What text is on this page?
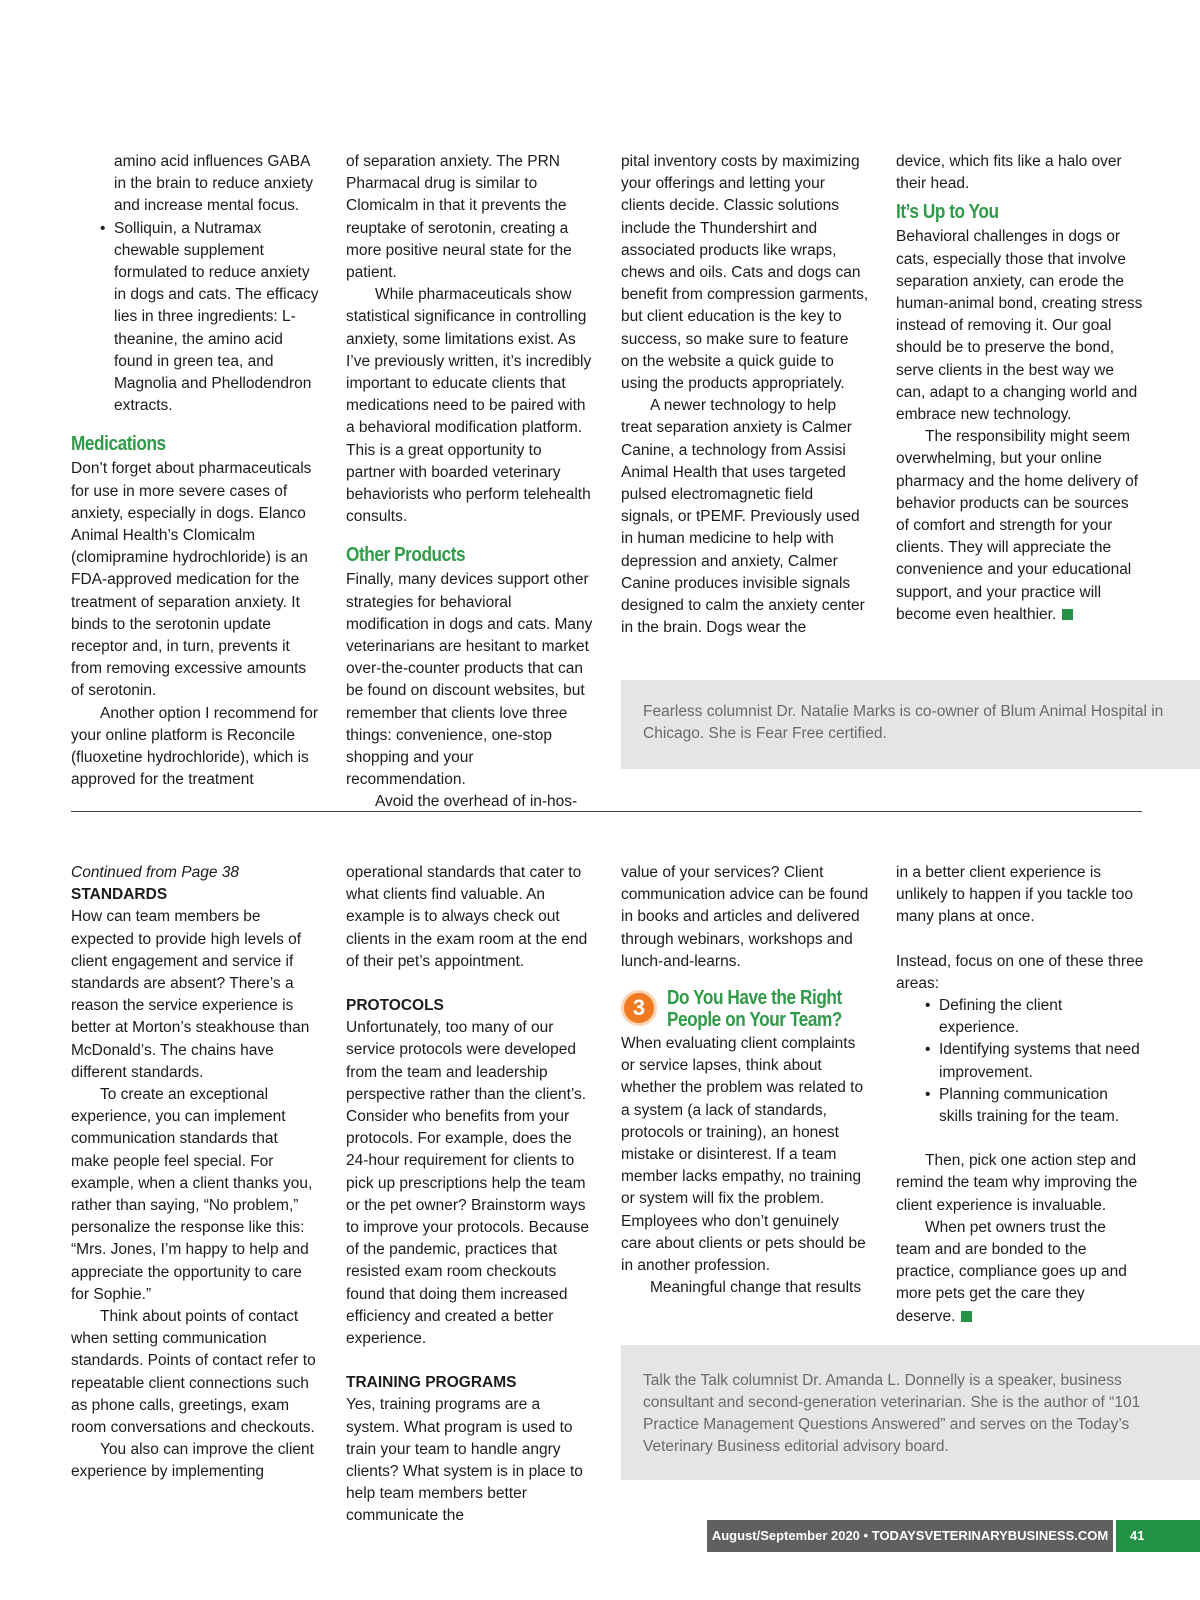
amino acid influences GABA in the brain to reduce anxiety and increase mental focus.
• Solliquin, a Nutramax chewable supplement formulated to reduce anxiety in dogs and cats. The efficacy lies in three ingredients: L-theanine, the amino acid found in green tea, and Magnolia and Phellodendron extracts.
Medications

Don’t forget about pharmaceuticals for use in more severe cases of anxiety, especially in dogs. Elanco Animal Health’s Clomicalm (clomipramine hydrochloride) is an FDA-approved medication for the treatment of separation anxiety. It binds to the serotonin update receptor and, in turn, prevents it from removing excessive amounts of serotonin.

Another option I recommend for your online platform is Reconcile (fluoxetine hydrochloride), which is approved for the treatment

of separation anxiety. The PRN Pharmacal drug is similar to Clomicalm in that it prevents the reuptake of serotonin, creating a more positive neural state for the patient.

While pharmaceuticals show statistical significance in controlling anxiety, some limitations exist. As I’ve previously written, it’s incredibly important to educate clients that medications need to be paired with a behavioral modification platform. This is a great opportunity to partner with boarded veterinary behaviorists who perform telehealth consults.

Other Products

Finally, many devices support other strategies for behavioral modification in dogs and cats. Many veterinarians are hesitant to market over-the-counter products that can be found on discount websites, but remember that clients love three things: convenience, one-stop shopping and your recommendation.

Avoid the overhead of in-hos-

pital inventory costs by maximizing your offerings and letting your clients decide. Classic solutions include the Thundershirt and associated products like wraps, chews and oils. Cats and dogs can benefit from compression garments, but client education is the key to success, so make sure to feature on the website a quick guide to using the products appropriately.

A newer technology to help treat separation anxiety is Calmer Canine, a technology from Assisi Animal Health that uses targeted pulsed electromagnetic field signals, or tPEMF. Previously used in human medicine to help with depression and anxiety, Calmer Canine produces invisible signals designed to calm the anxiety center in the brain. Dogs wear the

device, which fits like a halo over their head.

It’s Up to You

Behavioral challenges in dogs or cats, especially those that involve separation anxiety, can erode the human-animal bond, creating stress instead of removing it. Our goal should be to preserve the bond, serve clients in the best way we can, adapt to a changing world and embrace new technology.

The responsibility might seem overwhelming, but your online pharmacy and the home delivery of behavior products can be sources of comfort and strength for your clients. They will appreciate the convenience and your educational support, and your practice will become even healthier.

Fearless columnist Dr. Natalie Marks is co-owner of Blum Animal Hospital in Chicago. She is Fear Free certified.

Continued from Page 38

STANDARDS

How can team members be expected to provide high levels of client engagement and service if standards are absent? There’s a reason the service experience is better at Morton’s steakhouse than McDonald’s. The chains have different standards.

To create an exceptional experience, you can implement communication standards that make people feel special. For example, when a client thanks you, rather than saying, “No problem,” personalize the response like this: “Mrs. Jones, I’m happy to help and appreciate the opportunity to care for Sophie.”

Think about points of contact when setting communication standards. Points of contact refer to repeatable client connections such as phone calls, greetings, exam room conversations and checkouts.

You also can improve the client experience by implementing

operational standards that cater to what clients find valuable. An example is to always check out clients in the exam room at the end of their pet’s appointment.

PROTOCOLS

Unfortunately, too many of our service protocols were developed from the team and leadership perspective rather than the client’s. Consider who benefits from your protocols. For example, does the 24-hour requirement for clients to pick up prescriptions help the team or the pet owner? Brainstorm ways to improve your protocols. Because of the pandemic, practices that resisted exam room checkouts found that doing them increased efficiency and created a better experience.

TRAINING PROGRAMS

Yes, training programs are a system. What program is used to train your team to handle angry clients? What system is in place to help team members better communicate the

value of your services? Client communication advice can be found in books and articles and delivered through webinars, workshops and lunch-and-learns.

3	Do You Have the Right
People on Your Team?

When evaluating client complaints or service lapses, think about whether the problem was related to a system (a lack of standards, protocols or training), an honest mistake or disinterest. If a team member lacks empathy, no training or system will fix the problem. Employees who don’t genuinely care about clients or pets should be in another profession.

Meaningful change that results

in a better client experience is unlikely to happen if you tackle too many plans at once.

Instead, focus on one of these three areas:

• Defining the client experience.
• Identifying systems that need improvement.
• Planning communication skills training for the team.

Then, pick one action step and remind the team why improving the client experience is invaluable.

When pet owners trust the team and are bonded to the practice, compliance goes up and more pets get the care they deserve.

Talk the Talk columnist Dr. Amanda L. Donnelly is a speaker, business consultant and second-generation veterinarian. She is the author of “101 Practice Management Questions Answered” and serves on the Today’s Veterinary Business editorial advisory board.
August/September 2020 • TODAYSVETERINARYBUSINESS.COM	41
